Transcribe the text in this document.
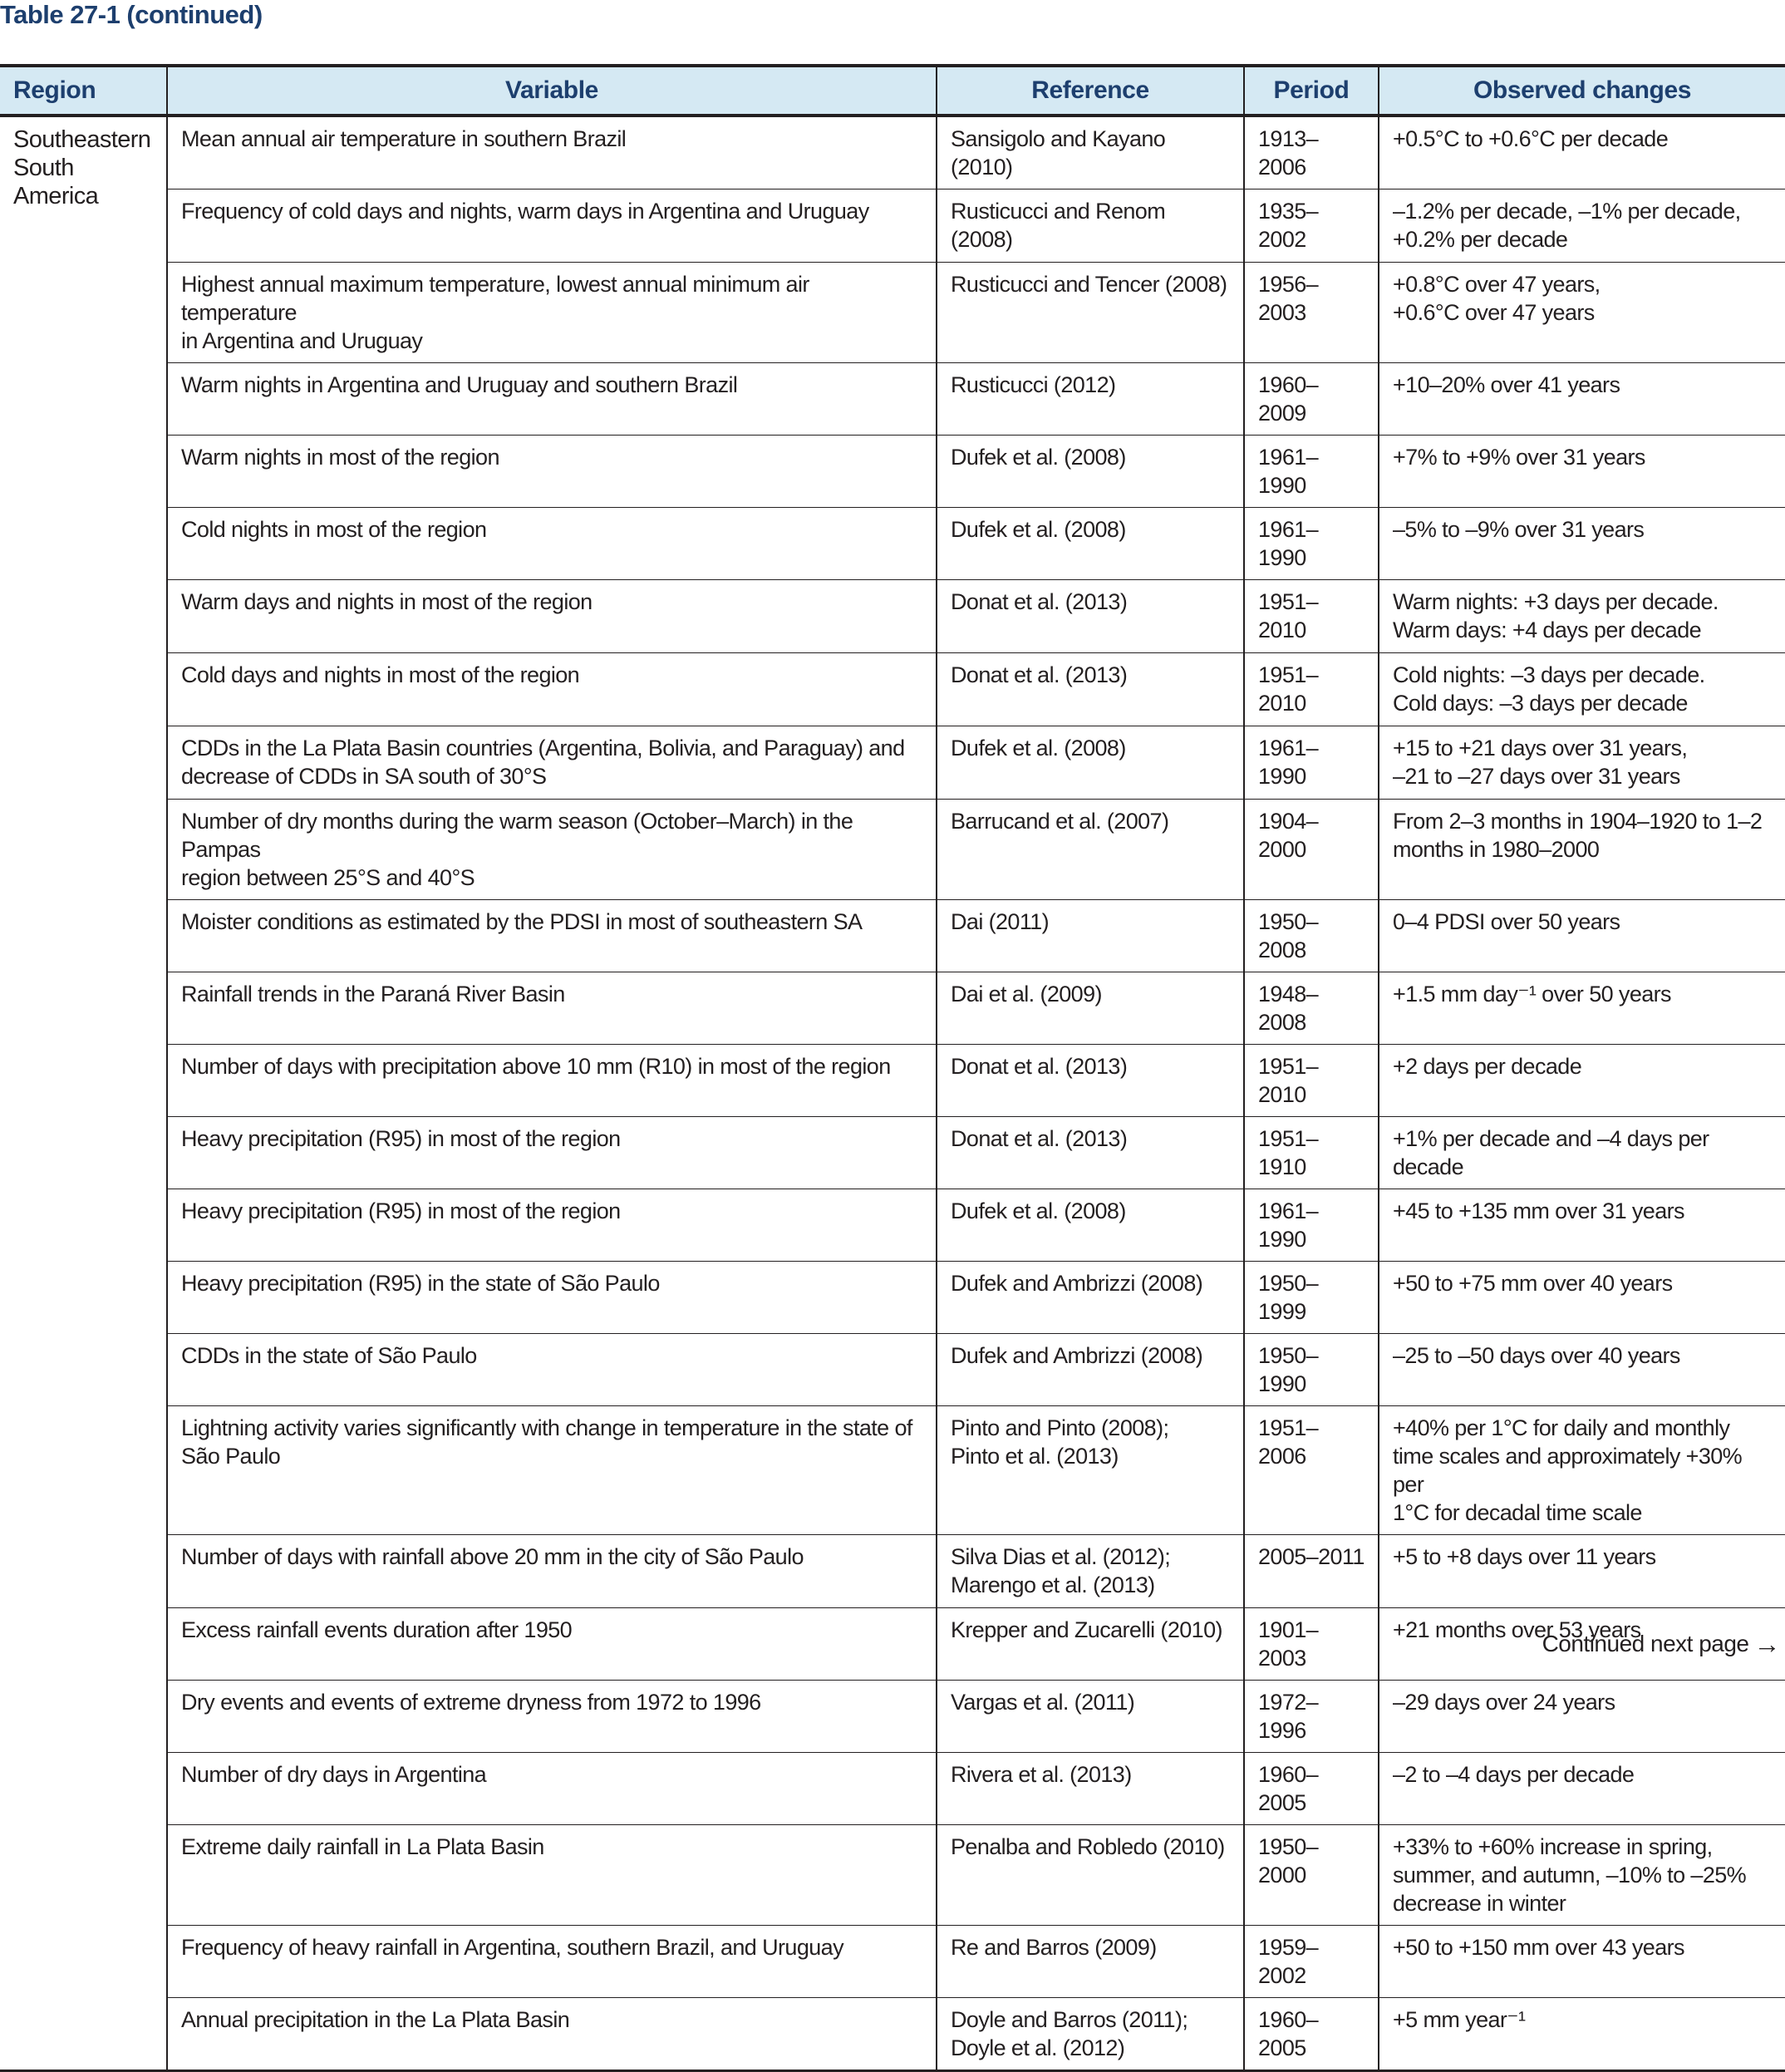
Table 27-1 (continued)
Region	Variable	Reference	Period	Observed changes

Southeastern
South
America	Mean annual air temperature in southern Brazil	Sansigolo and Kayano (2010)	1913–2006	+0.5°C to +0.6°C per decade

	Frequency of cold days and nights, warm days in Argentina and Uruguay	Rusticucci and Renom (2008)	1935–2002	–1.2% per decade, –1% per decade,
+0.2% per decade

	Highest annual maximum temperature, lowest annual minimum air temperature
in Argentina and Uruguay	Rusticucci and Tencer (2008)	1956–2003	+0.8°C over 47 years,
+0.6°C over 47 years

	Warm nights in Argentina and Uruguay and southern Brazil	Rusticucci (2012)	1960–2009	+10–20% over 41 years

	Warm nights in most of the region	Dufek et al. (2008)	1961–1990	+7% to +9% over 31 years

	Cold nights in most of the region	Dufek et al. (2008)	1961–1990	–5% to –9% over 31 years

	Warm days and nights in most of the region	Donat et al. (2013)	1951–2010	Warm nights: +3 days per decade.
Warm days: +4 days per decade

	Cold days and nights in most of the region	Donat et al. (2013)	1951–2010	Cold nights: –3 days per decade.
Cold days: –3 days per decade

	CDDs in the La Plata Basin countries (Argentina, Bolivia, and Paraguay) and
decrease of CDDs in SA south of 30°S	Dufek et al. (2008)	1961–1990	+15 to +21 days over 31 years,
–21 to –27 days over 31 years

	Number of dry months during the warm season (October–March) in the Pampas
region between 25°S and 40°S	Barrucand et al. (2007)	1904–2000	From 2–3 months in 1904–1920 to 1–2
months in 1980–2000

	Moister conditions as estimated by the PDSI in most of southeastern SA	Dai (2011)	1950–2008	0–4 PDSI over 50 years

	Rainfall trends in the Paraná River Basin	Dai et al. (2009)	1948–2008	+1.5 mm day⁻¹ over 50 years

	Number of days with precipitation above 10 mm (R10) in most of the region	Donat et al. (2013)	1951–2010	+2 days per decade

	Heavy precipitation (R95) in most of the region	Donat et al. (2013)	1951–1910	+1% per decade and –4 days per decade

	Heavy precipitation (R95) in most of the region	Dufek et al. (2008)	1961–1990	+45 to +135 mm over 31 years

	Heavy precipitation (R95) in the state of São Paulo	Dufek and Ambrizzi (2008)	1950–1999	+50 to +75 mm over 40 years

	CDDs in the state of São Paulo	Dufek and Ambrizzi (2008)	1950–1990	–25 to –50 days over 40 years

	Lightning activity varies significantly with change in temperature in the state of
São Paulo	Pinto and Pinto (2008);
Pinto et al. (2013)	1951–2006	+40% per 1°C for daily and monthly
time scales and approximately +30% per
1°C for decadal time scale

	Number of days with rainfall above 20 mm in the city of São Paulo	Silva Dias et al. (2012);
Marengo et al. (2013)	2005–2011	+5 to +8 days over 11 years

	Excess rainfall events duration after 1950	Krepper and Zucarelli (2010)	1901–2003	+21 months over 53 years

	Dry events and events of extreme dryness from 1972 to 1996	Vargas et al. (2011)	1972–1996	–29 days over 24 years

	Number of dry days in Argentina	Rivera et al. (2013)	1960–2005	–2 to –4 days per decade

	Extreme daily rainfall in La Plata Basin	Penalba and Robledo (2010)	1950–2000	+33% to +60% increase in spring,
summer, and autumn, –10% to –25%
decrease in winter

	Frequency of heavy rainfall in Argentina, southern Brazil, and Uruguay	Re and Barros (2009)	1959–2002	+50 to +150 mm over 43 years

	Annual precipitation in the La Plata Basin	Doyle and Barros (2011);
Doyle et al. (2012)	1960–2005	+5 mm year⁻¹
Continued next page →
